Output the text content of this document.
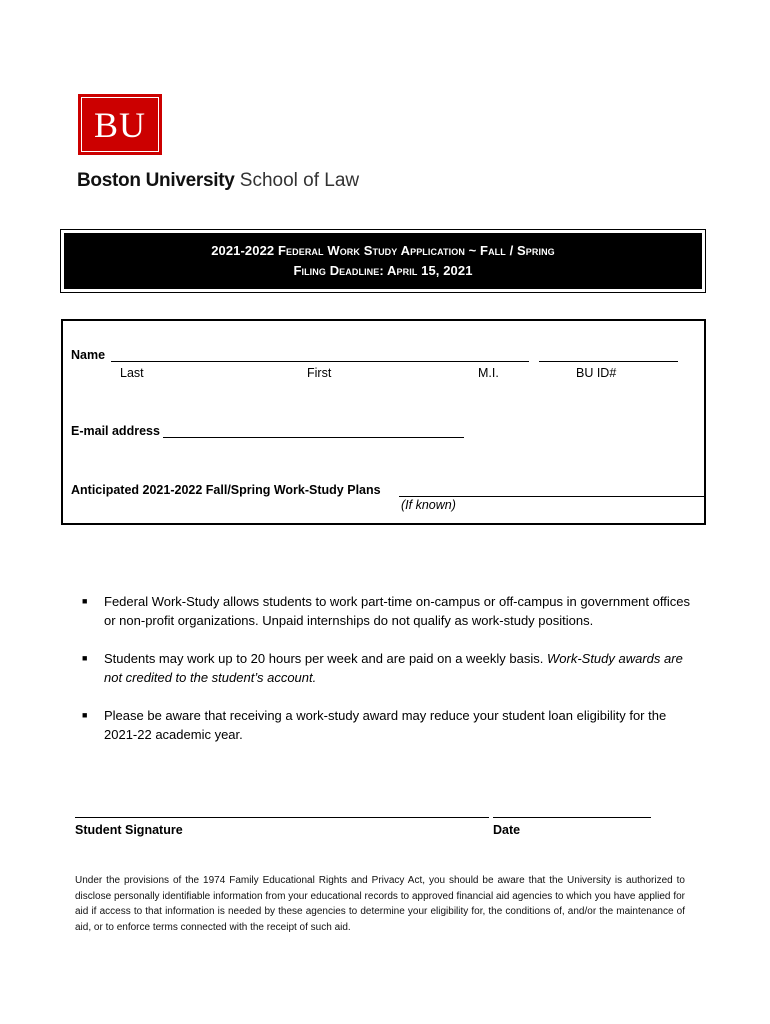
BU
Boston University School of Law
2021-2022 Federal Work Study Application ~ Fall / Spring
Filing Deadline: April 15, 2021
Name
Last	First	M.I.	BU ID#
E-mail address
Anticipated 2021-2022 Fall/Spring Work-Study Plans
(If known)
■ Federal Work-Study allows students to work part-time on-campus or off-campus in government offices or non-profit organizations. Unpaid internships do not qualify as work-study positions.
■ Students may work up to 20 hours per week and are paid on a weekly basis. Work-Study awards are not credited to the student’s account.
■ Please be aware that receiving a work-study award may reduce your student loan eligibility for the 2021-22 academic year.
Student Signature	Date
Under the provisions of the 1974 Family Educational Rights and Privacy Act, you should be aware that the University is authorized to disclose personally identifiable information from your educational records to approved financial aid agencies to which you have applied for aid if access to that information is needed by these agencies to determine your eligibility for, the conditions of, and/or the maintenance of aid, or to enforce terms connected with the receipt of such aid.
